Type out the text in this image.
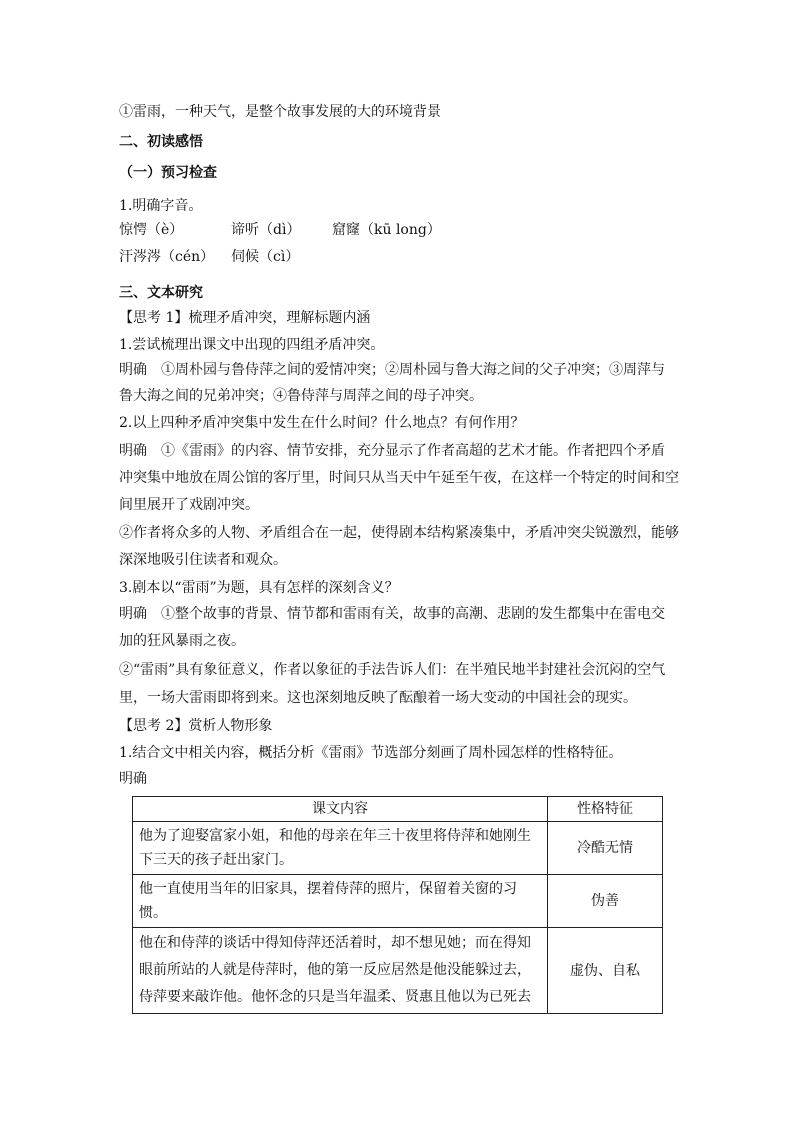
①雷雨，一种天气，是整个故事发展的大的环境背景
二、初读感悟
（一）预习检查
1.明确字音。
惊愕（è）	谛听（dì） 窟窿（kū long）
汗涔涔（cén） 伺候（cì）
三、文本研究
【思考 1】梳理矛盾冲突，理解标题内涵
1.尝试梳理出课文中出现的四组矛盾冲突。
明确　①周朴园与鲁侍萍之间的爱情冲突；②周朴园与鲁大海之间的父子冲突；③周萍与
鲁大海之间的兄弟冲突；④鲁侍萍与周萍之间的母子冲突。
2.以上四种矛盾冲突集中发生在什么时间？什么地点？有何作用？
明确　①《雷雨》的内容、情节安排，充分显示了作者高超的艺术才能。作者把四个矛盾
冲突集中地放在周公馆的客厅里，时间只从当天中午延至午夜，在这样一个特定的时间和空
间里展开了戏剧冲突。
②作者将众多的人物、矛盾组合在一起，使得剧本结构紧凑集中，矛盾冲突尖锐激烈，能够
深深地吸引住读者和观众。
3.剧本以“雷雨”为题，具有怎样的深刻含义？
明确　①整个故事的背景、情节都和雷雨有关，故事的高潮、悲剧的发生都集中在雷电交
加的狂风暴雨之夜。
②“雷雨”具有象征意义，作者以象征的手法告诉人们：在半殖民地半封建社会沉闷的空气
里，一场大雷雨即将到来。这也深刻地反映了酝酿着一场大变动的中国社会的现实。
【思考 2】赏析人物形象
1.结合文中相关内容，概括分析《雷雨》节选部分刻画了周朴园怎样的性格特征。
明确
课文内容	性格特征

他为了迎娶富家小姐，和他的母亲在年三十夜里将侍萍和她刚生
下三天的孩子赶出家门。	冷酷无情

他一直使用当年的旧家具，摆着侍萍的照片，保留着关窗的习
惯。	伪善

他在和侍萍的谈话中得知侍萍还活着时，却不想见她；而在得知
眼前所站的人就是侍萍时，他的第一反应居然是他没能躲过去，
侍萍要来敲诈他。他怀念的只是当年温柔、贤惠且他以为已死去	虚伪、自私
